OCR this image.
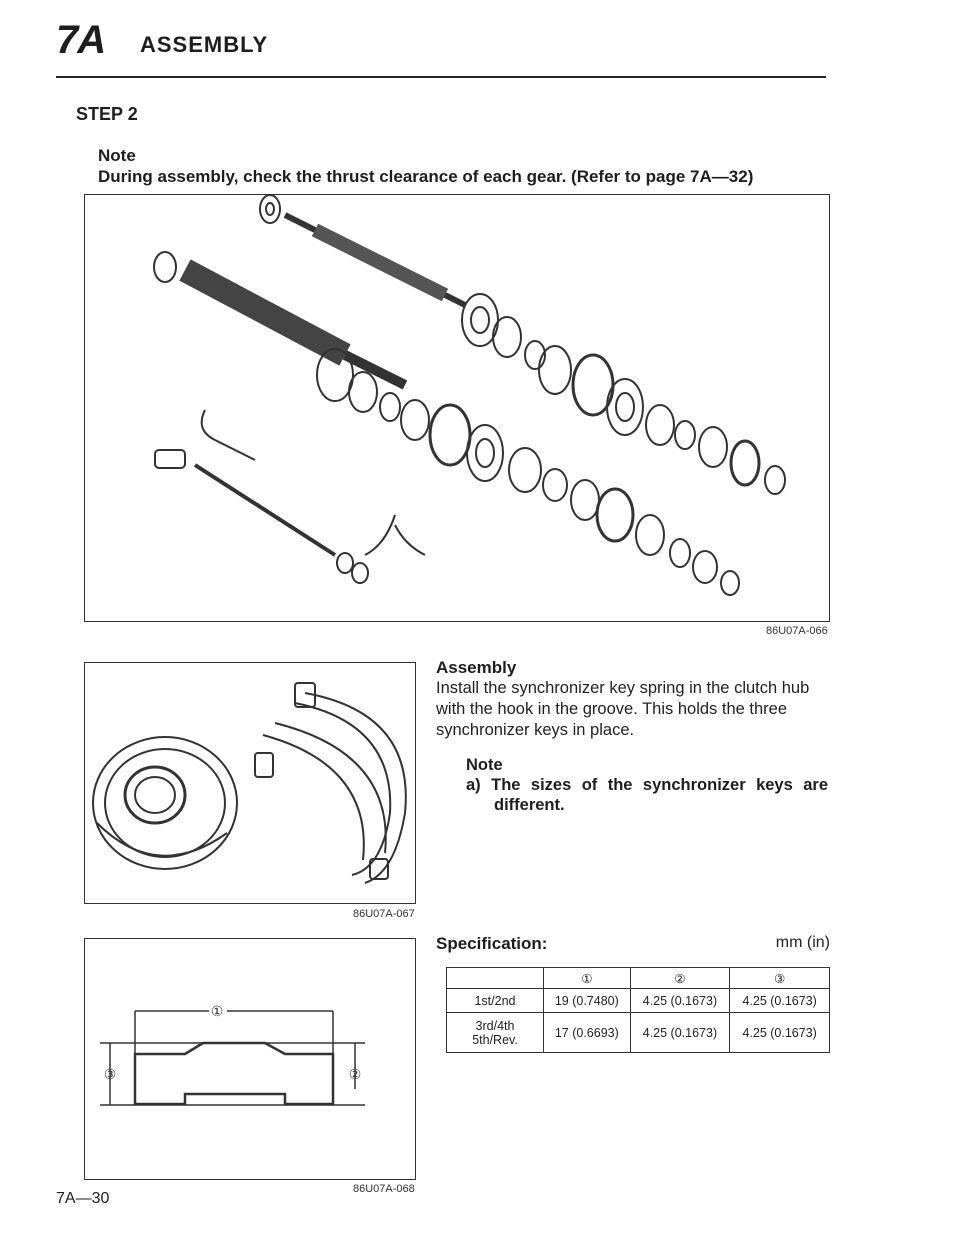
7A ASSEMBLY
STEP 2
Note
During assembly, check the thrust clearance of each gear. (Refer to page 7A—32)
86U07A-066
86U07A-067
①
③	②
86U07A-068
Assembly
Install the synchronizer key spring in the clutch hub with the hook in the groove. This holds the three synchronizer keys in place.
Note
a) The sizes of the synchronizer keys are different.
Specification:	mm (in)
	①	②	③
1st/2nd	19 (0.7480)	4.25 (0.1673)	4.25 (0.1673)

3rd/4th
5th/Rev.	17 (0.6693)	4.25 (0.1673)	4.25 (0.1673)
7A—30
